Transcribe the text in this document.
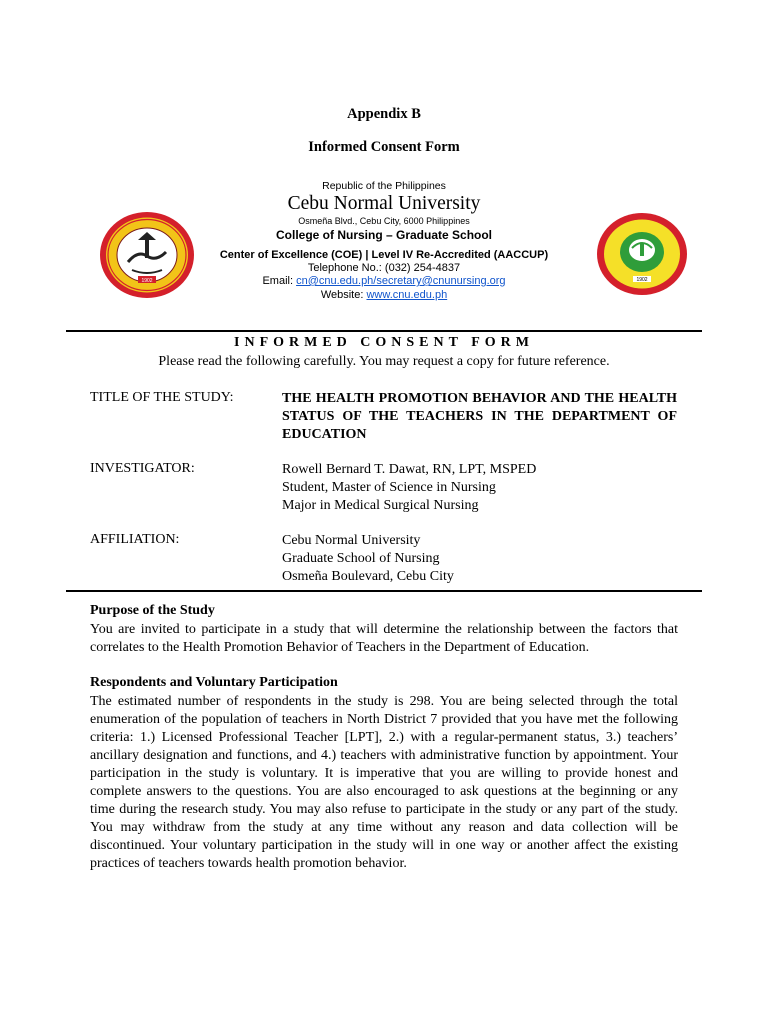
Appendix B
Informed Consent Form
1902
Republic of the Philippines
Cebu Normal University
Osmeña Blvd., Cebu City, 6000 Philippines
College of Nursing – Graduate School
Center of Excellence (COE) | Level IV Re-Accredited (AACCUP)
Telephone No.: (032) 254-4837
Email: cn@cnu.edu.ph/secretary@cnunursing.org
Website: www.cnu.edu.ph
1902
INFORMED CONSENT FORM
Please read the following carefully. You may request a copy for future reference.
TITLE OF THE STUDY:	THE HEALTH PROMOTION BEHAVIOR AND THE HEALTH STATUS OF THE TEACHERS IN THE DEPARTMENT OF EDUCATION
INVESTIGATOR:	Rowell Bernard T. Dawat, RN, LPT, MSPED
Student, Master of Science in Nursing
Major in Medical Surgical Nursing
AFFILIATION:	Cebu Normal University
Graduate School of Nursing
Osmeña Boulevard, Cebu City
Purpose of the Study
You are invited to participate in a study that will determine the relationship between the factors that correlates to the Health Promotion Behavior of Teachers in the Department of Education.
Respondents and Voluntary Participation
The estimated number of respondents in the study is 298. You are being selected through the total enumeration of the population of teachers in North District 7 provided that you have met the following criteria: 1.) Licensed Professional Teacher [LPT], 2.) with a regular-permanent status, 3.) teachers’ ancillary designation and functions, and 4.) teachers with administrative function by appointment. Your participation in the study is voluntary. It is imperative that you are willing to provide honest and complete answers to the questions. You are also encouraged to ask questions at the beginning or any time during the research study. You may also refuse to participate in the study or any part of the study. You may withdraw from the study at any time without any reason and data collection will be discontinued. Your voluntary participation in the study will in one way or another affect the existing practices of teachers towards health promotion behavior.
